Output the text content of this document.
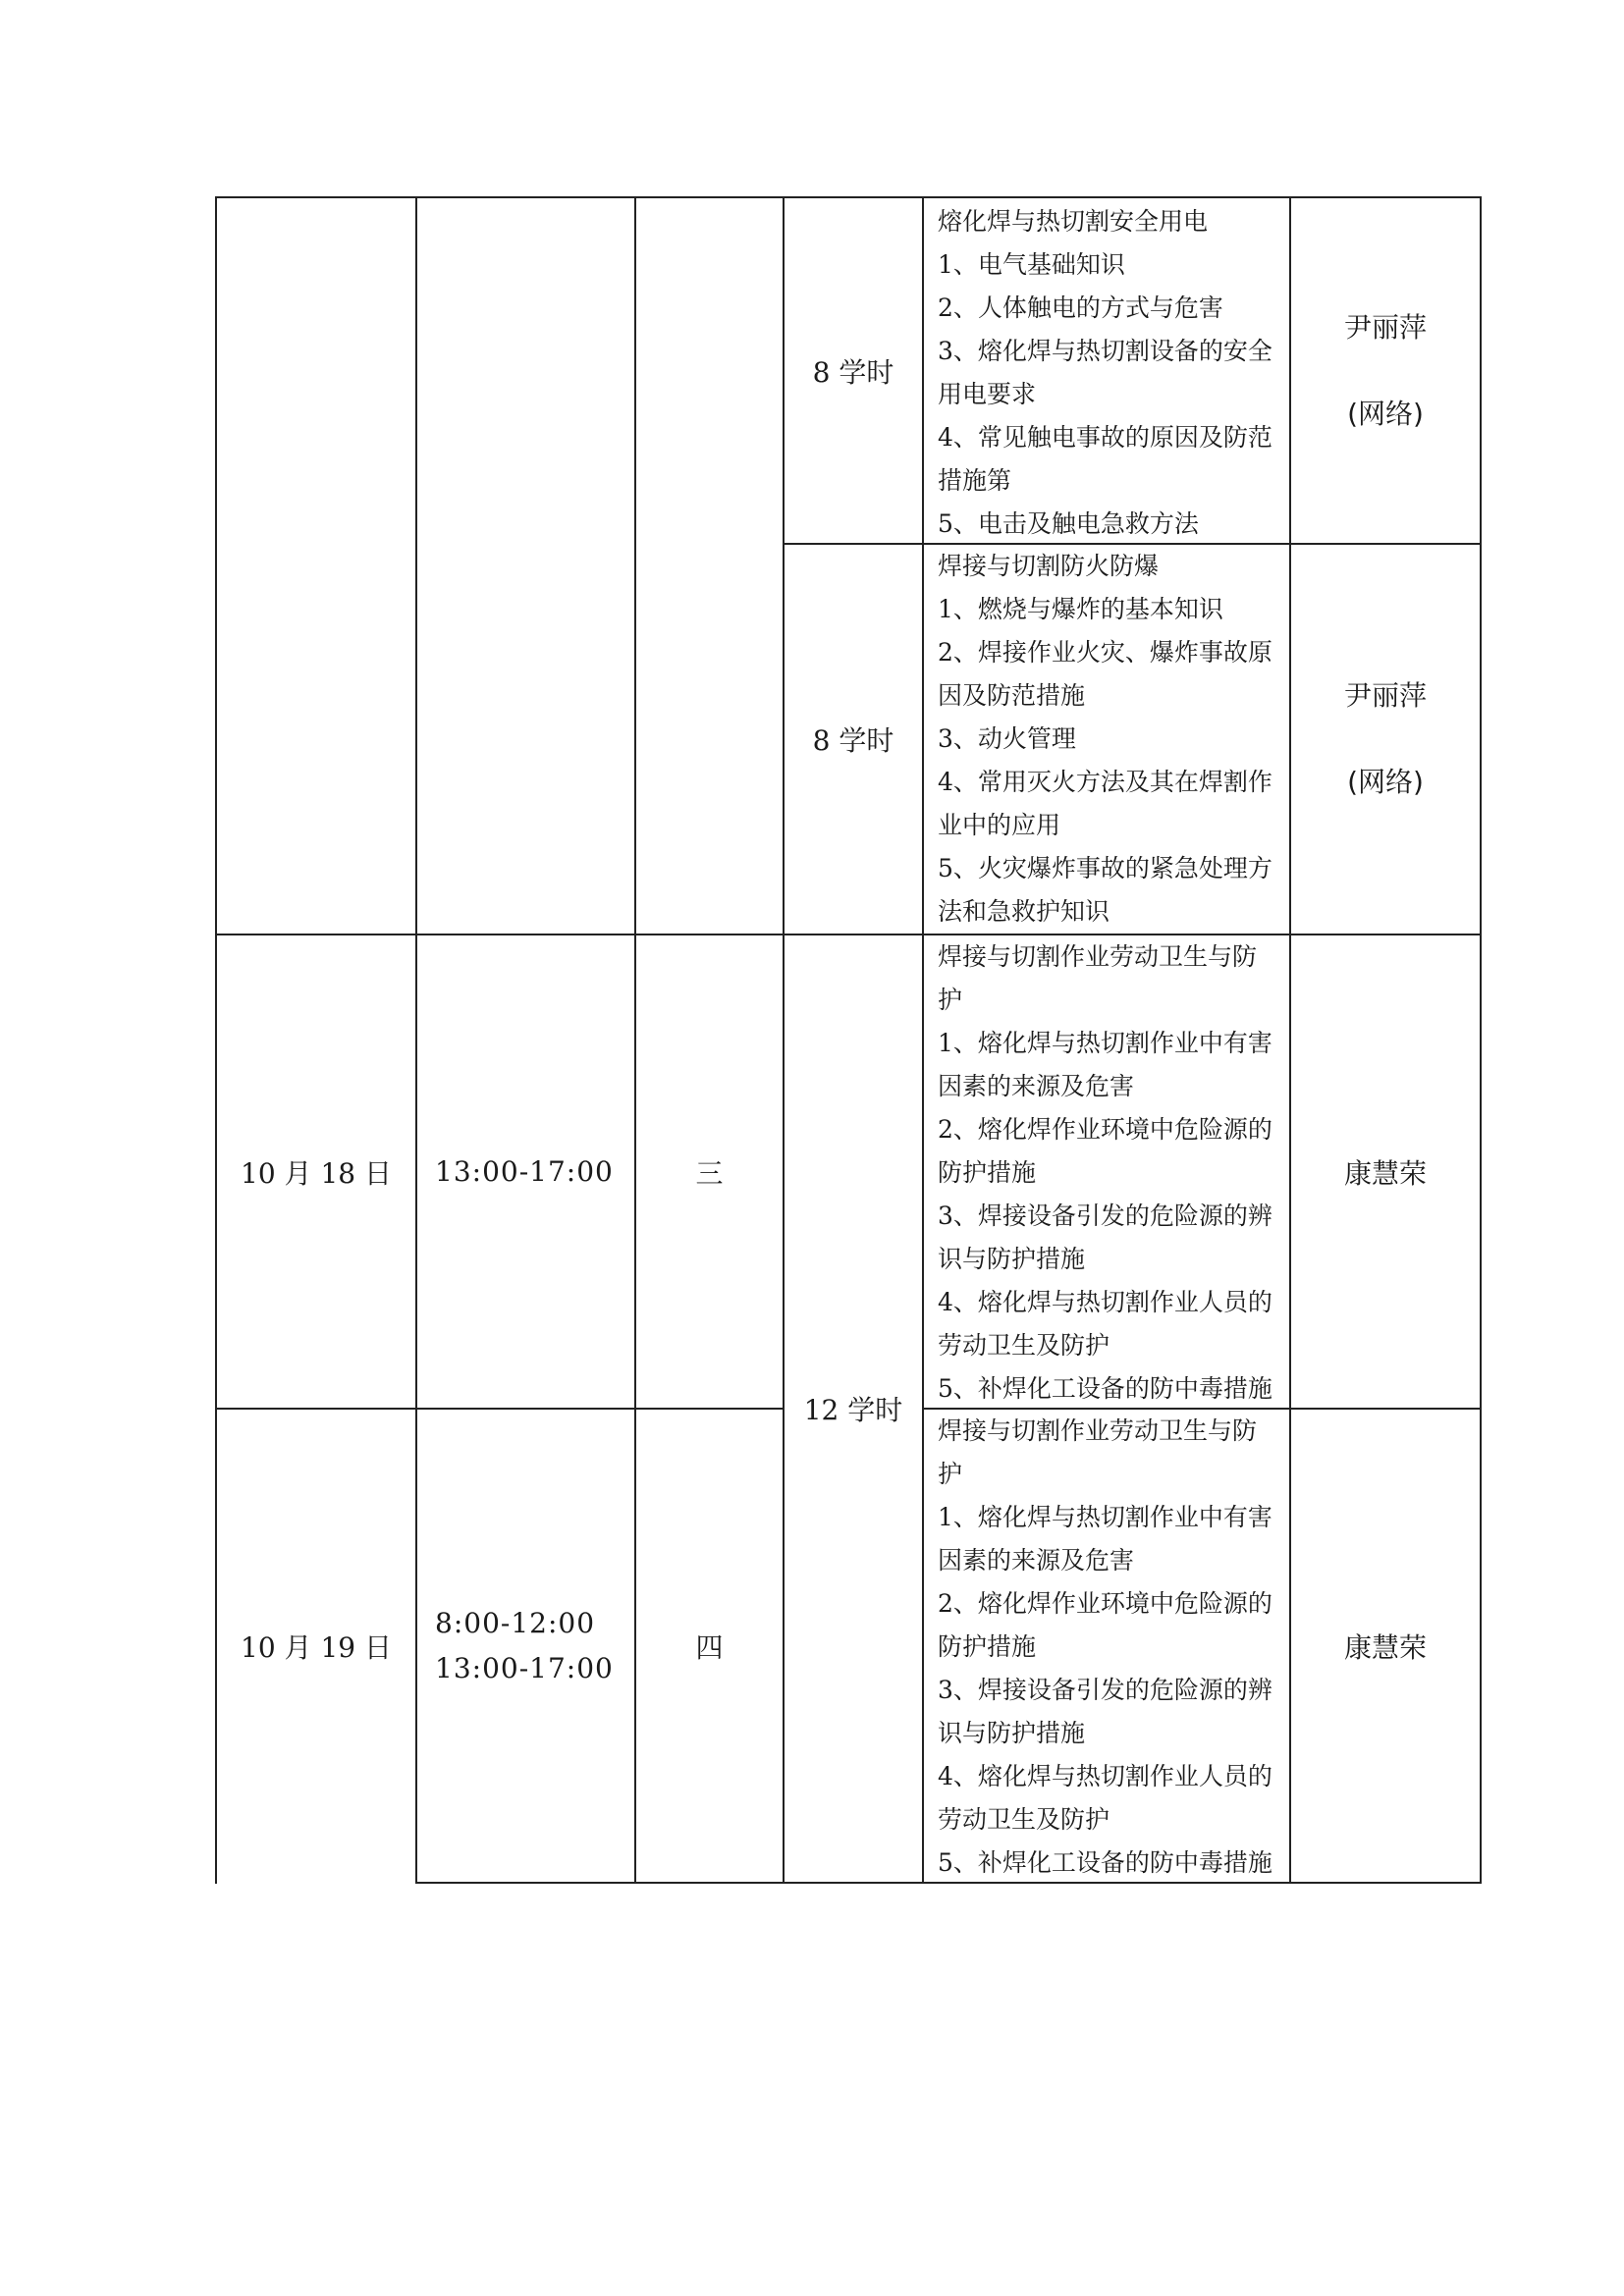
8 学时
熔化焊与热切割安全用电
1、电气基础知识
2、人体触电的方式与危害
3、熔化焊与热切割设备的安全
用电要求
4、常见触电事故的原因及防范
措施第
5、电击及触电急救方法
尹丽萍
(网络)
8 学时
焊接与切割防火防爆
1、燃烧与爆炸的基本知识
2、焊接作业火灾、爆炸事故原
因及防范措施
3、动火管理
4、常用灭火方法及其在焊割作
业中的应用
5、火灾爆炸事故的紧急处理方
法和急救护知识
尹丽萍
(网络)
10 月 18 日 13:00-17:00	三
焊接与切割作业劳动卫生与防
护
1、熔化焊与热切割作业中有害
因素的来源及危害
2、熔化焊作业环境中危险源的
防护措施
3、焊接设备引发的危险源的辨
识与防护措施
4、熔化焊与热切割作业人员的
劳动卫生及防护
5、补焊化工设备的防中毒措施
康慧荣
12 学时
10 月 19 日
8:00-12:00
13:00-17:00
四
焊接与切割作业劳动卫生与防
护
1、熔化焊与热切割作业中有害
因素的来源及危害
2、熔化焊作业环境中危险源的
防护措施
3、焊接设备引发的危险源的辨
识与防护措施
4、熔化焊与热切割作业人员的
劳动卫生及防护
5、补焊化工设备的防中毒措施
康慧荣
